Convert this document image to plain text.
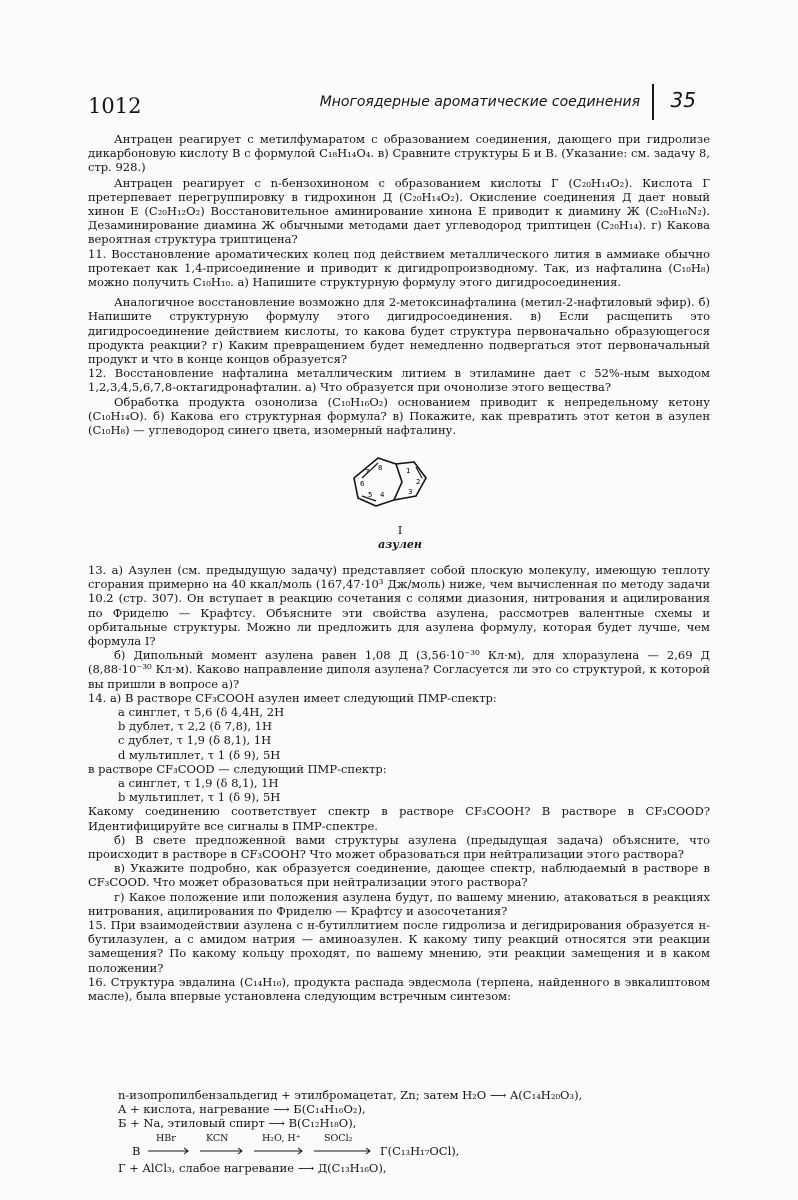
1012	Многоядерные ароматические соединения 35

Антрацен реагирует с метилфумаратом с образованием соединения, дающего при гидролизе дикарбоновую кислоту В с формулой C₁₈H₁₄O₄. в) Сравните структуры Б и В. (Указание: см. задачу 8, стр. 928.)

Антрацен реагирует с n-бензохиноном с образованием кислоты Г (C₂₀H₁₄O₂). Кислота Г претерпевает перегруппировку в гидрохинон Д (C₂₀H₁₄O₂). Окисление соединения Д дает новый хинон Е (C₂₀H₁₂O₂) Восстановительное аминирование хинона Е приводит к диамину Ж (C₂₀H₁₆N₂). Дезаминирование диамина Ж обычными методами дает углеводород триптицен (C₂₀H₁₄). г) Какова вероятная структура триптицена?

11. Восстановление ароматических колец под действием металлического лития в аммиаке обычно протекает как 1,4-присоединение и приводит к дигидропроизводному. Так, из нафталина (C₁₀H₈) можно получить C₁₀H₁₀. а) Напишите структурную формулу этого дигидросоединения.

Аналогичное восстановление возможно для 2-метоксинафталина (метил-2-нафтиловый эфир). б) Напишите структурную формулу этого дигидросоединения. в) Если расщепить это дигидросоединение действием кислоты, то какова будет структура первоначально образующегося продукта реакции? г) Каким превращением будет немедленно подвергаться этот первоначальный продукт и что в конце концов образуется?

12. Восстановление нафталина металлическим литием в этиламине дает с 52%-ным выходом 1,2,3,4,5,6,7,8-октагидронафталин. а) Что образуется при очонолизе этого вещества?

Обработка продукта озонолиза (C₁₀H₁₆O₂) основанием приводит к непредельному кетону (C₁₀H₁₄O). б) Какова его структурная формула? в) Покажите, как превратить этот кетон в азулен (C₁₀H₈) — углеводород синего цвета, изомерный нафталину.

7 8
6
1
2
3
5 4
I
азулен

13. а) Азулен (см. предыдущую задачу) представляет собой плоскую молекулу, имеющую теплоту сгорания примерно на 40 ккал/моль (167,47·10³ Дж/моль) ниже, чем вычисленная по методу задачи 10.2 (стр. 307). Он вступает в реакцию сочетания с солями диазония, нитрования и ацилирования по Фриделю — Крафтсу. Объясните эти свойства азулена, рассмотрев валентные схемы и орбитальные структуры. Можно ли предложить для азулена формулу, которая будет лучше, чем формула I?

б) Дипольный момент азулена равен 1,08 Д (3,56·10⁻³⁰ Кл·м), для хлоразулена — 2,69 Д (8,88·10⁻³⁰ Кл·м). Каково направление диполя азулена? Согласуется ли это со структурой, к которой вы пришли в вопросе а)?

14. а) В растворе CF₃COOH азулен имеет следующий ПМР-спектр:

a синглет, τ 5,6 (δ 4,4H, 2H
b дублет, τ 2,2 (δ 7,8), 1H
c дублет, τ 1,9 (δ 8,1), 1H
d мультиплет, τ 1 (δ 9), 5H
в растворе CF₃COOD — следующий ПМР-спектр:
a синглет, τ 1,9 (δ 8,1), 1H
b мультиплет, τ 1 (δ 9), 5H

Какому соединению соответствует спектр в растворе CF₃COOH? В растворе в CF₃COOD? Идентифицируйте все сигналы в ПМР-спектре.

б) В свете предложенной вами структуры азулена (предыдущая задача) объясните, что происходит в растворе в CF₃COOH? Что может образоваться при нейтрализации этого раствора?

в) Укажите подробно, как образуется соединение, дающее спектр, наблюдаемый в растворе в CF₃COOD. Что может образоваться при нейтрализации этого раствора?

г) Какое положение или положения азулена будут, по вашему мнению, атаковаться в реакциях нитрования, ацилирования по Фриделю — Крафтсу и азосочетания?

15. При взаимодействии азулена с н-бутиллитием после гидролиза и дегидрирования образуется н-бутилазулен, а с амидом натрия — аминоазулен. К какому типу реакций относятся эти реакции замещения? По какому кольцу проходят, по вашему мнению, эти реакции замещения и в каком положении?

16. Структура эвдалина (C₁₄H₁₆), продукта распада эвдесмола (терпена, найденного в эвкалиптовом масле), была впервые установлена следующим встречным синтезом:

n-изопропилбензальдегид + этилбромацетат, Zn; затем H₂O ⟶ A(C₁₄H₂₀O₃),
A + кислота, нагревание ⟶ Б(C₁₄H₁₆O₂),
Б + Na, этиловый спирт ⟶ B(C₁₂H₁₈O),
B
HBr	KCN	H₂O, H⁺ SOCl₂
Г(C₁₃H₁₇OCl),
Г + AlCl₃, слабое нагревание ⟶ Д(C₁₃H₁₆O),
